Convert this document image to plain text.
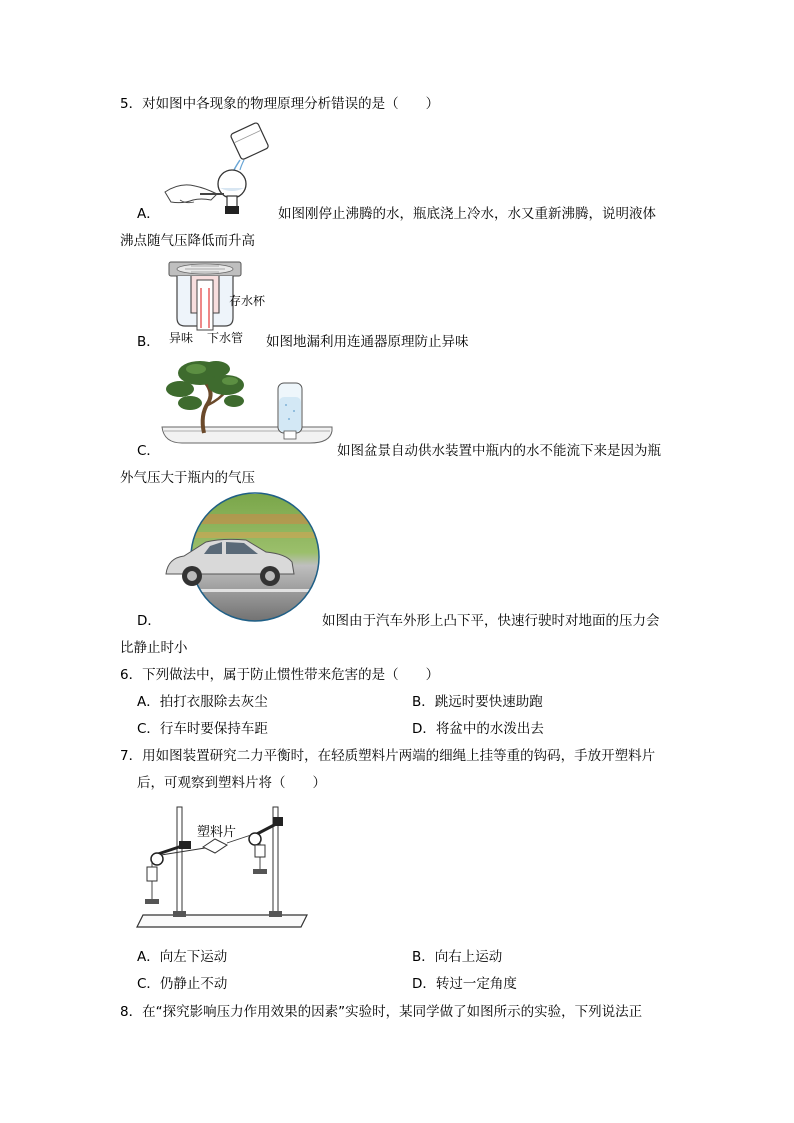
5．对如图中各现象的物理原理分析错误的是（　　）
A．	如图刚停止沸腾的水，瓶底浇上冷水，水又重新沸腾，说明液体
沸点随气压降低而升高
存水杯
异味 下水管
B．	如图地漏利用连通器原理防止异味
C．	如图盆景自动供水装置中瓶内的水不能流下来是因为瓶
外气压大于瓶内的气压
D．	如图由于汽车外形上凸下平，快速行驶时对地面的压力会
比静止时小
6．下列做法中，属于防止惯性带来危害的是（　　）
A．拍打衣服除去灰尘	B．跳远时要快速助跑
C．行车时要保持车距	D．将盆中的水泼出去
7．用如图装置研究二力平衡时，在轻质塑料片两端的细绳上挂等重的钩码，手放开塑料片
后，可观察到塑料片将（　　）
塑料片
A．向左下运动	B．向右上运动
C．仍静止不动	D．转过一定角度
8．在“探究影响压力作用效果的因素”实验时，某同学做了如图所示的实验，下列说法正
